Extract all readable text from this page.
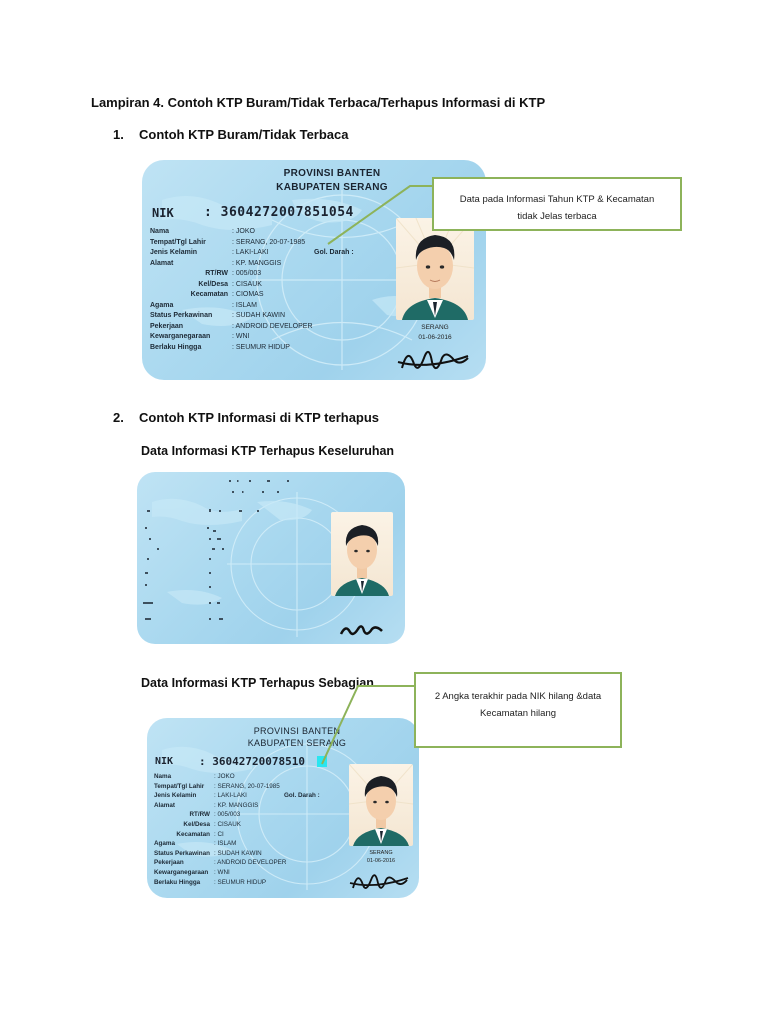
Lampiran 4. Contoh KTP Buram/Tidak Terbaca/Terhapus Informasi di KTP
1. Contoh KTP Buram/Tidak Terbaca
PROVINSI BANTEN
KABUPATEN SERANG
NIK : 3604272007851054
Nama	: JOKO
Tempat/Tgl Lahir	: SERANG, 20-07-1985
Jenis Kelamin	: LAKI-LAKI	Gol. Darah :
Alamat	: KP. MANGGIS
RT/RW : 005/003
Kel/Desa : CISAUK
Kecamatan : CIOMAS
Agama	: ISLAM
Status Perkawinan	: SUDAH KAWIN
Pekerjaan	: ANDROID DEVELOPER
Kewarganegaraan	: WNI
Berlaku Hingga	: SEUMUR HIDUP
SERANG
01-06-2016
Data pada Informasi Tahun KTP & Kecamatan
tidak Jelas terbaca
2. Contoh KTP Informasi di KTP terhapus
Data Informasi KTP Terhapus Keseluruhan
Data Informasi KTP Terhapus Sebagian
PROVINSI BANTEN
KABUPATEN SERANG
NIK : 36042720078510
Nama	: JOKO
Tempat/Tgl Lahir	: SERANG, 20-07-1985
Jenis Kelamin	: LAKI-LAKI	Gol. Darah :
Alamat	: KP. MANGGIS
RT/RW : 005/003
Kel/Desa : CISAUK
Kecamatan : CI
Agama	: ISLAM
Status Perkawinan : SUDAH KAWIN
Pekerjaan	: ANDROID DEVELOPER
Kewarganegaraan : WNI
Berlaku Hingga	: SEUMUR HIDUP
SERANG
01-06-2016
2 Angka terakhir pada NIK hilang &data
Kecamatan hilang
